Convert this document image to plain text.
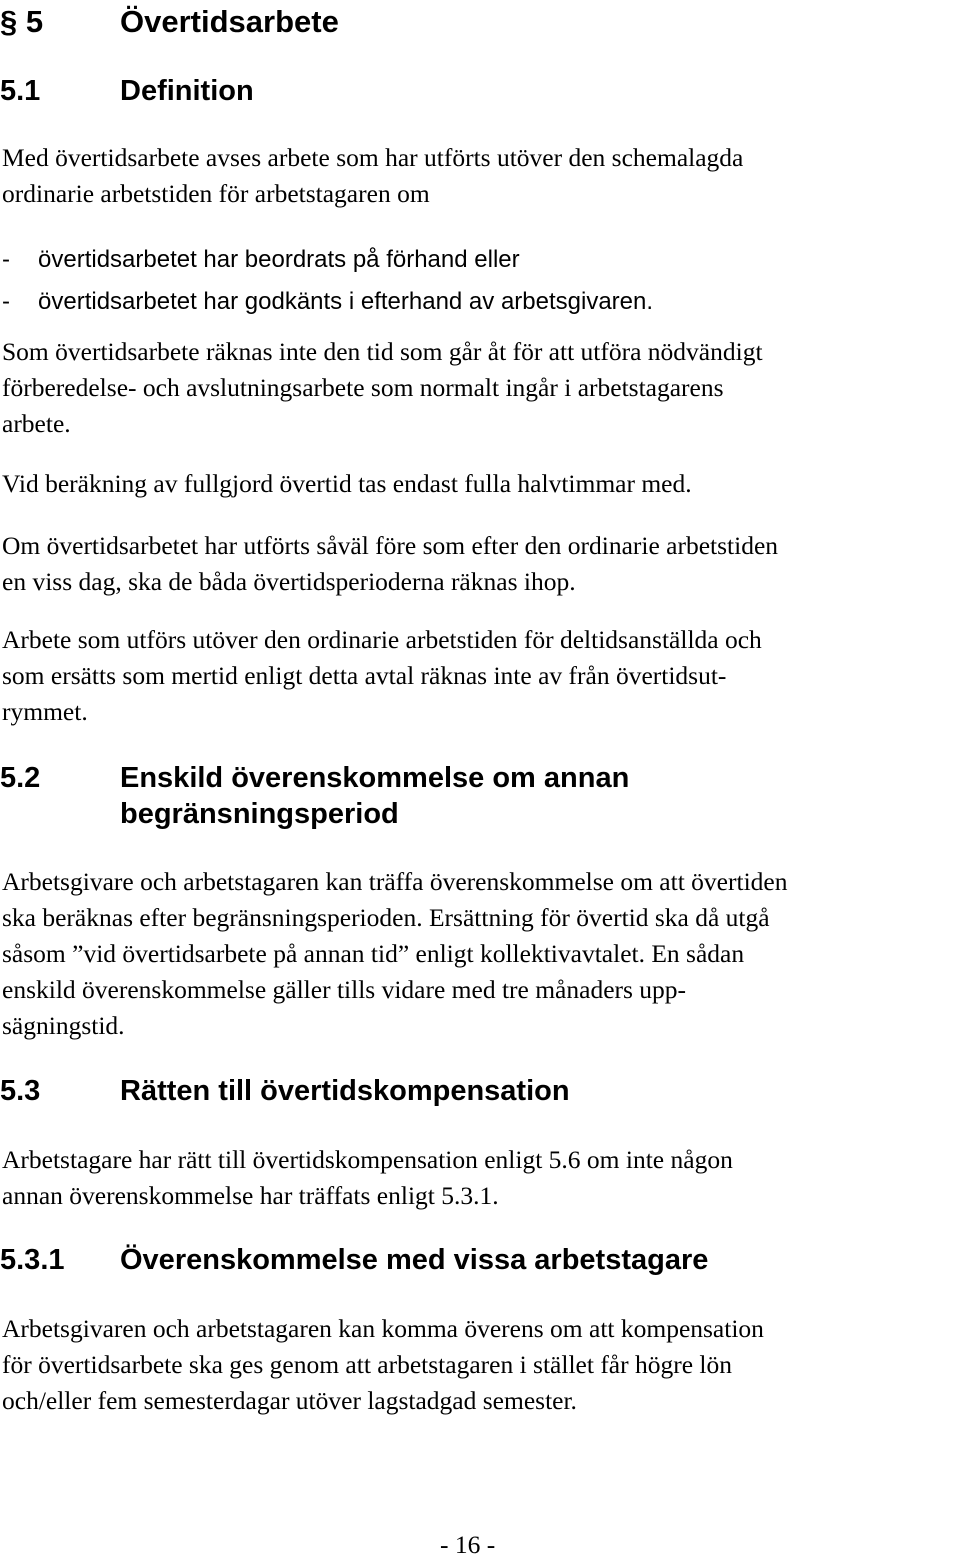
§ 5 Övertidsarbete
5.1	Definition
Med övertidsarbete avses arbete som har utförts utöver den schemalagda
ordinarie arbetstiden för arbetstagaren om
- övertidsarbetet har beordrats på förhand eller
- övertidsarbetet har godkänts i efterhand av arbetsgivaren.
Som övertidsarbete räknas inte den tid som går åt för att utföra nödvändigt
förberedelse- och avslutningsarbete som normalt ingår i arbetstagarens
arbete.
Vid beräkning av fullgjord övertid tas endast fulla halvtimmar med.
Om övertidsarbetet har utförts såväl före som efter den ordinarie arbetstiden
en viss dag, ska de båda övertidsperioderna räknas ihop.
Arbete som utförs utöver den ordinarie arbetstiden för deltidsanställda och
som ersätts som mertid enligt detta avtal räknas inte av från övertidsut-
rymmet.
5.2	Enskild överenskommelse om annan
begränsningsperiod
Arbetsgivare och arbetstagaren kan träffa överenskommelse om att övertiden
ska beräknas efter begränsningsperioden. Ersättning för övertid ska då utgå
såsom ”vid övertidsarbete på annan tid” enligt kollektivavtalet. En sådan
enskild överenskommelse gäller tills vidare med tre månaders upp-
sägningstid.
5.3	Rätten till övertidskompensation
Arbetstagare har rätt till övertidskompensation enligt 5.6 om inte någon
annan överenskommelse har träffats enligt 5.3.1.
5.3.1 Överenskommelse med vissa arbetstagare
Arbetsgivaren och arbetstagaren kan komma överens om att kompensation
för övertidsarbete ska ges genom att arbetstagaren i stället får högre lön
och/eller fem semesterdagar utöver lagstadgad semester.
- 16 -
